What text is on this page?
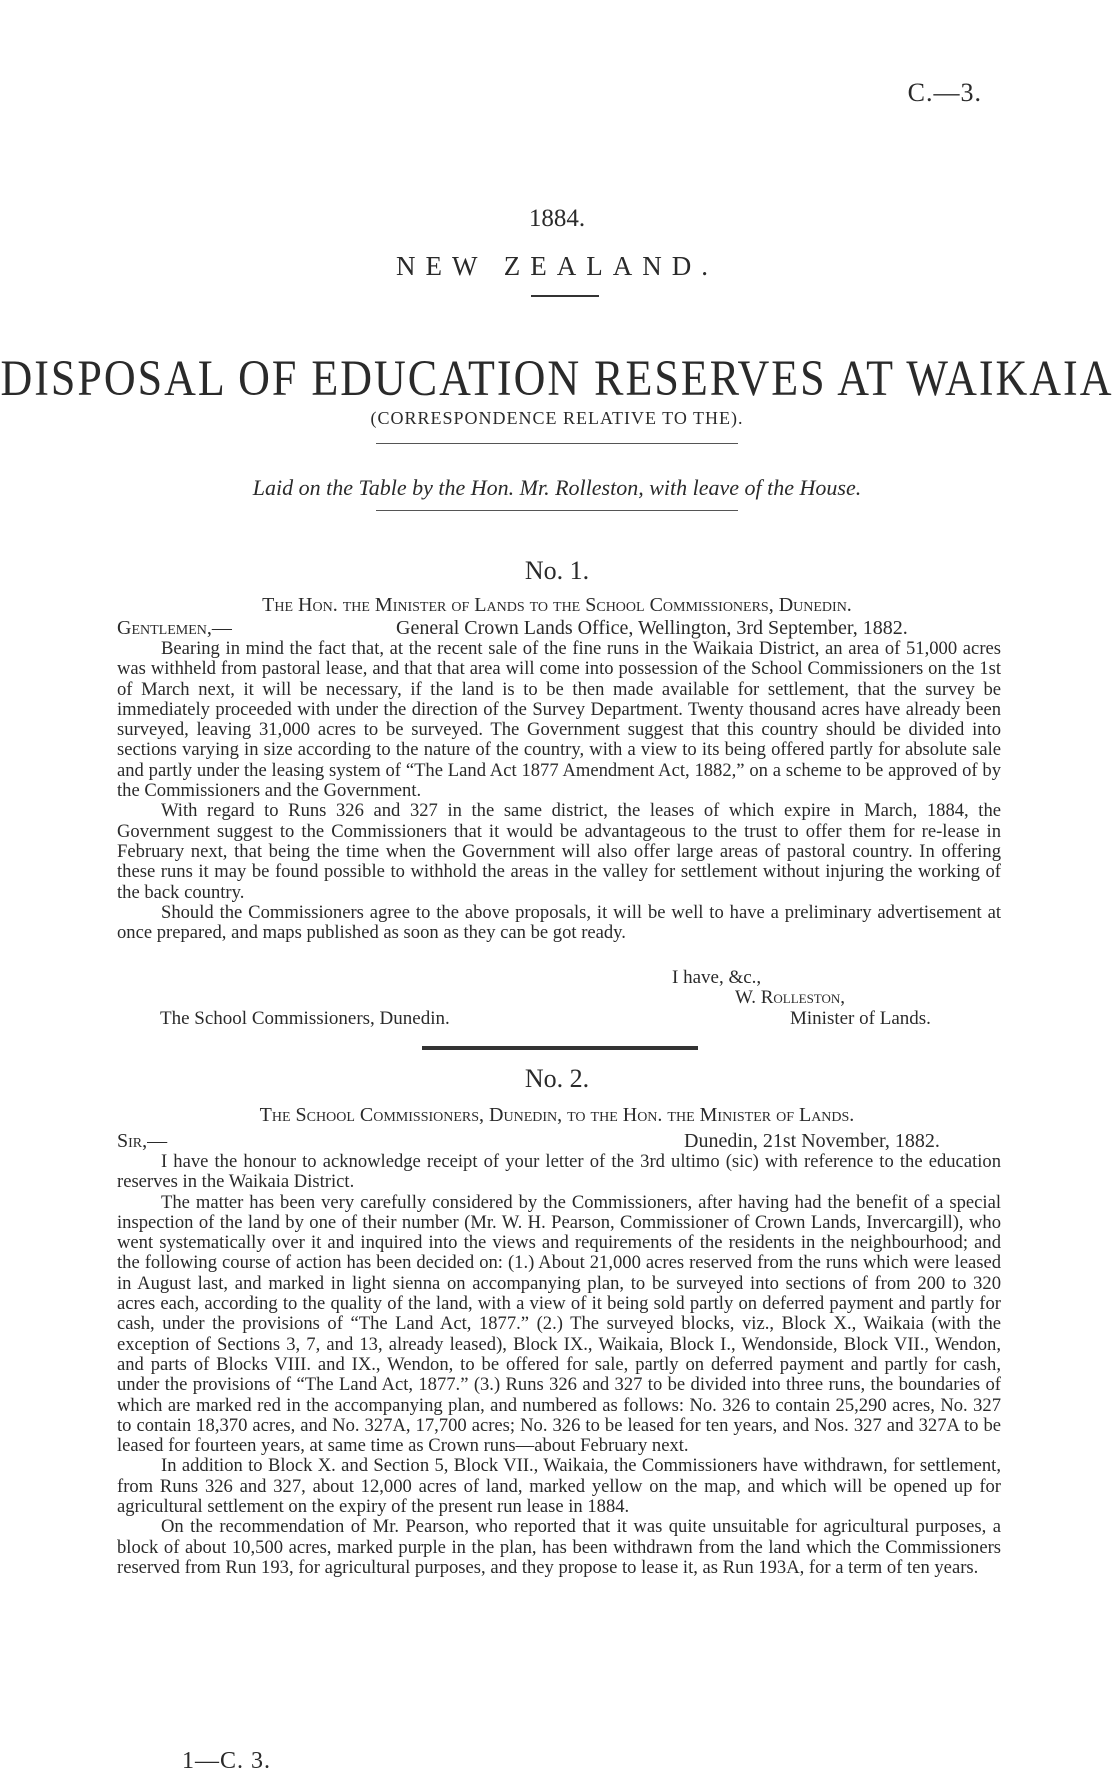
C.—3.
1884.
NEW ZEALAND.
DISPOSAL OF EDUCATION RESERVES AT WAIKAIA
(CORRESPONDENCE RELATIVE TO THE).
Laid on the Table by the Hon. Mr. Rolleston, with leave of the House.
No. 1.
The Hon. the Minister of Lands to the School Commissioners, Dunedin.
Gentlemen,—	General Crown Lands Office, Wellington, 3rd September, 1882.

Bearing in mind the fact that, at the recent sale of the fine runs in the Waikaia District, an area of 51,000 acres was withheld from pastoral lease, and that that area will come into possession of the School Commissioners on the 1st of March next, it will be necessary, if the land is to be then made available for settlement, that the survey be immediately proceeded with under the direction of the Survey Department. Twenty thousand acres have already been surveyed, leaving 31,000 acres to be surveyed. The Government suggest that this country should be divided into sections varying in size according to the nature of the country, with a view to its being offered partly for absolute sale and partly under the leasing system of “The Land Act 1877 Amendment Act, 1882,” on a scheme to be approved of by the Commissioners and the Government.

With regard to Runs 326 and 327 in the same district, the leases of which expire in March, 1884, the Government suggest to the Commissioners that it would be advantageous to the trust to offer them for re-lease in February next, that being the time when the Government will also offer large areas of pastoral country. In offering these runs it may be found possible to withhold the areas in the valley for settlement without injuring the working of the back country.

Should the Commissioners agree to the above proposals, it will be well to have a preliminary advertisement at once prepared, and maps published as soon as they can be got ready.

I have, &c.,
W. Rolleston,
The School Commissioners, Dunedin.	Minister of Lands.
No. 2.
The School Commissioners, Dunedin, to the Hon. the Minister of Lands.
Sir,—	Dunedin, 21st November, 1882.

I have the honour to acknowledge receipt of your letter of the 3rd ultimo (sic) with reference to the education reserves in the Waikaia District.

The matter has been very carefully considered by the Commissioners, after having had the benefit of a special inspection of the land by one of their number (Mr. W. H. Pearson, Commissioner of Crown Lands, Invercargill), who went systematically over it and inquired into the views and requirements of the residents in the neighbourhood; and the following course of action has been decided on: (1.) About 21,000 acres reserved from the runs which were leased in August last, and marked in light sienna on accompanying plan, to be surveyed into sections of from 200 to 320 acres each, according to the quality of the land, with a view of it being sold partly on deferred payment and partly for cash, under the provisions of “The Land Act, 1877.” (2.) The surveyed blocks, viz., Block X., Waikaia (with the exception of Sections 3, 7, and 13, already leased), Block IX., Waikaia, Block I., Wendonside, Block VII., Wendon, and parts of Blocks VIII. and IX., Wendon, to be offered for sale, partly on deferred payment and partly for cash, under the provisions of “The Land Act, 1877.” (3.) Runs 326 and 327 to be divided into three runs, the boundaries of which are marked red in the accompanying plan, and numbered as follows: No. 326 to contain 25,290 acres, No. 327 to contain 18,370 acres, and No. 327A, 17,700 acres; No. 326 to be leased for ten years, and Nos. 327 and 327A to be leased for fourteen years, at same time as Crown runs—about February next.

In addition to Block X. and Section 5, Block VII., Waikaia, the Commissioners have withdrawn, for settlement, from Runs 326 and 327, about 12,000 acres of land, marked yellow on the map, and which will be opened up for agricultural settlement on the expiry of the present run lease in 1884.

On the recommendation of Mr. Pearson, who reported that it was quite unsuitable for agricultural purposes, a block of about 10,500 acres, marked purple in the plan, has been withdrawn from the land which the Commissioners reserved from Run 193, for agricultural purposes, and they propose to lease it, as Run 193A, for a term of ten years.

1—C. 3.
